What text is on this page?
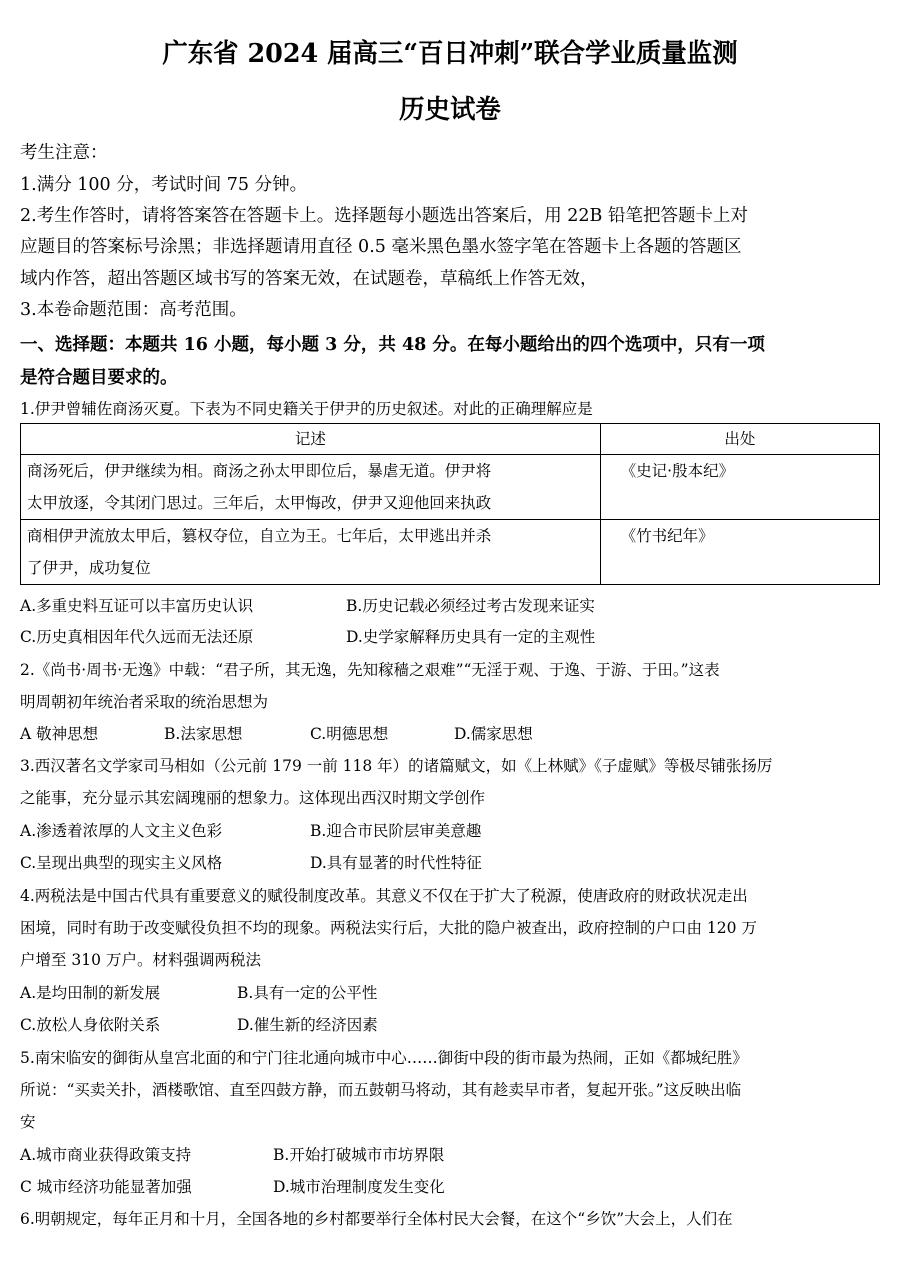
广东省 2024 届高三“百日冲刺”联合学业质量监测
历史试卷
考生注意：
1.满分 100 分，考试时间 75 分钟。
2.考生作答时，请将答案答在答题卡上。选择题每小题选出答案后，用 22B 铅笔把答题卡上对
应题目的答案标号涂黑；非选择题请用直径 0.5 毫米黑色墨水签字笔在答题卡上各题的答题区
域内作答，超出答题区域书写的答案无效，在试题卷，草稿纸上作答无效，
3.本卷命题范围：高考范围。
一、选择题：本题共 16 小题，每小题 3 分，共 48 分。在每小题给出的四个选项中，只有一项
是符合题目要求的。
1.伊尹曾辅佐商汤灭夏。下表为不同史籍关于伊尹的历史叙述。对此的正确理解应是
记述	出处

商汤死后，伊尹继续为相。商汤之孙太甲即位后，暴虐无道。伊尹将
太甲放逐，令其闭门思过。三年后，太甲悔改，伊尹又迎他回来执政	《史记·殷本纪》

商相伊尹流放太甲后，篡权夺位，自立为王。七年后，太甲逃出并杀
了伊尹，成功复位	《竹书纪年》
A.多重史料互证可以丰富历史认识	B.历史记载必须经过考古发现来证实
C.历史真相因年代久远而无法还原	D.史学家解释历史具有一定的主观性
2.《尚书·周书·无逸》中载：“君子所，其无逸，先知稼穑之艰难”“无淫于观、于逸、于游、于田。”这表
明周朝初年统治者采取的统治思想为
A 敬神思想	B.法家思想	C.明德思想	D.儒家思想
3.西汉著名文学家司马相如（公元前 179 一前 118 年）的诸篇赋文，如《上林赋》《子虚赋》等极尽铺张扬厉
之能事，充分显示其宏阔瑰丽的想象力。这体现出西汉时期文学创作
A.渗透着浓厚的人文主义色彩	B.迎合市民阶层审美意趣
C.呈现出典型的现实主义风格	D.具有显著的时代性特征
4.两税法是中国古代具有重要意义的赋役制度改革。其意义不仅在于扩大了税源，使唐政府的财政状况走出
困境，同时有助于改变赋役负担不均的现象。两税法实行后，大批的隐户被查出，政府控制的户口由 120 万
户增至 310 万户。材料强调两税法
A.是均田制的新发展	B.具有一定的公平性
C.放松人身依附关系	D.催生新的经济因素
5.南宋临安的御街从皇宫北面的和宁门往北通向城市中心……御街中段的街市最为热闹，正如《都城纪胜》
所说：“买卖关扑，酒楼歌馆、直至四鼓方静，而五鼓朝马将动，其有趁卖早市者，复起开张。”这反映出临
安
A.城市商业获得政策支持	B.开始打破城市市坊界限
C 城市经济功能显著加强	D.城市治理制度发生变化
6.明朝规定，每年正月和十月，全国各地的乡村都要举行全体村民大会餐，在这个“乡饮”大会上，人们在
